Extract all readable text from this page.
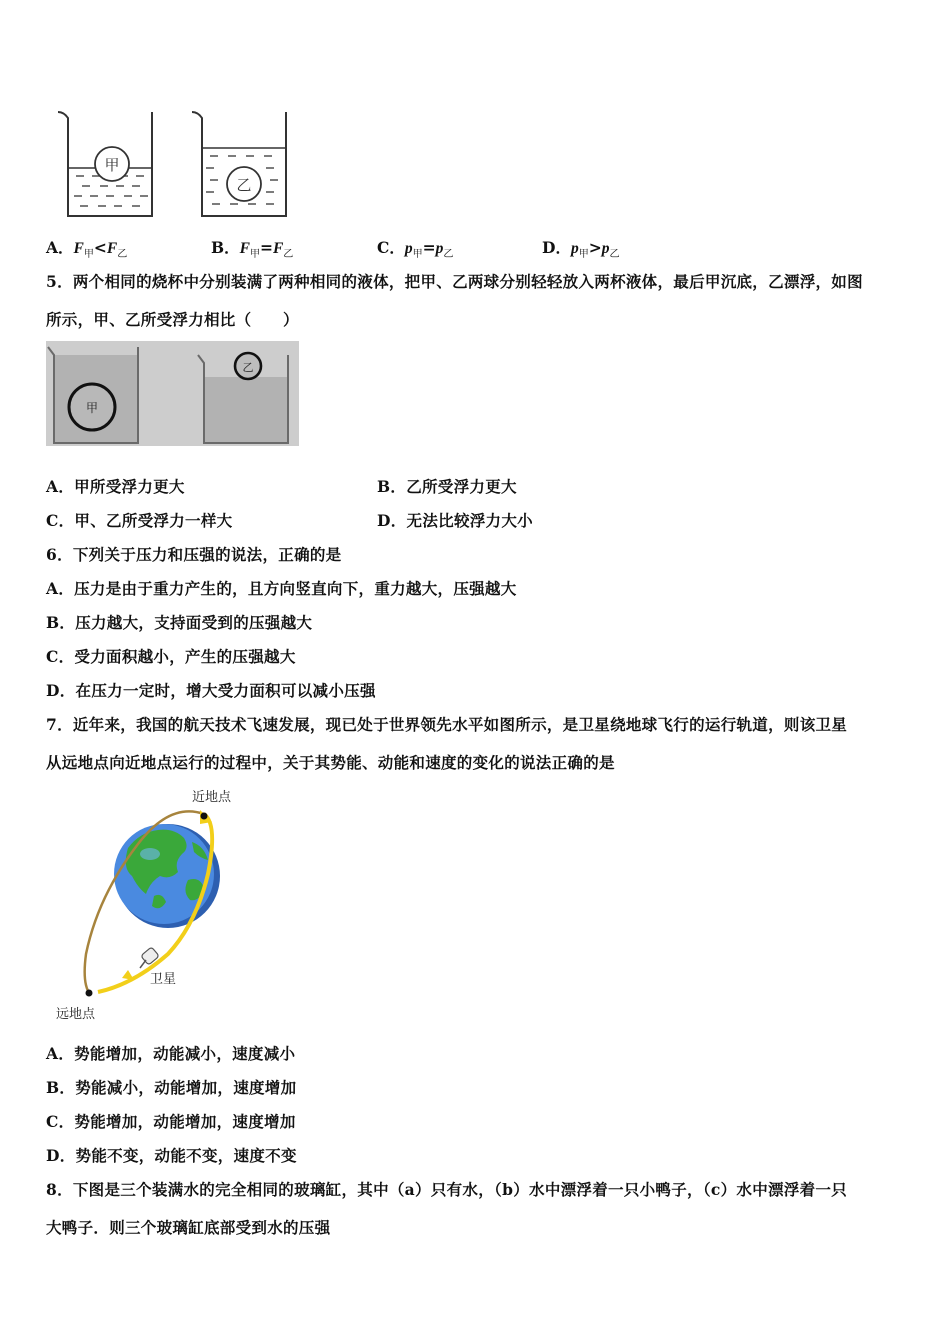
甲
乙
A．$F_甲<F_乙$	B．$F_甲=F_乙$	C．$p_甲=p_乙$	D．$p_甲>p_乙$
5．两个相同的烧杯中分别装满了两种相同的液体，把甲、乙两球分别轻轻放入两杯液体，最后甲沉底，乙漂浮，如图
所示，甲、乙所受浮力相比（　　）
甲
乙
A．甲所受浮力更大	B．乙所受浮力更大
C．甲、乙所受浮力一样大	D．无法比较浮力大小
6．下列关于压力和压强的说法，正确的是
A．压力是由于重力产生的，且方向竖直向下，重力越大，压强越大
B．压力越大，支持面受到的压强越大
C．受力面积越小，产生的压强越大
D．在压力一定时，增大受力面积可以减小压强
7．近年来，我国的航天技术飞速发展，现已处于世界领先水平如图所示，是卫星绕地球飞行的运行轨道，则该卫星
从远地点向近地点运行的过程中，关于其势能、动能和速度的变化的说法正确的是
近地点
卫星
远地点
A．势能增加，动能减小，速度减小
B．势能减小，动能增加，速度增加
C．势能增加，动能增加，速度增加
D．势能不变，动能不变，速度不变
8．下图是三个装满水的完全相同的玻璃缸，其中（a）只有水，（b）水中漂浮着一只小鸭子，（c）水中漂浮着一只
大鸭子．则三个玻璃缸底部受到水的压强
